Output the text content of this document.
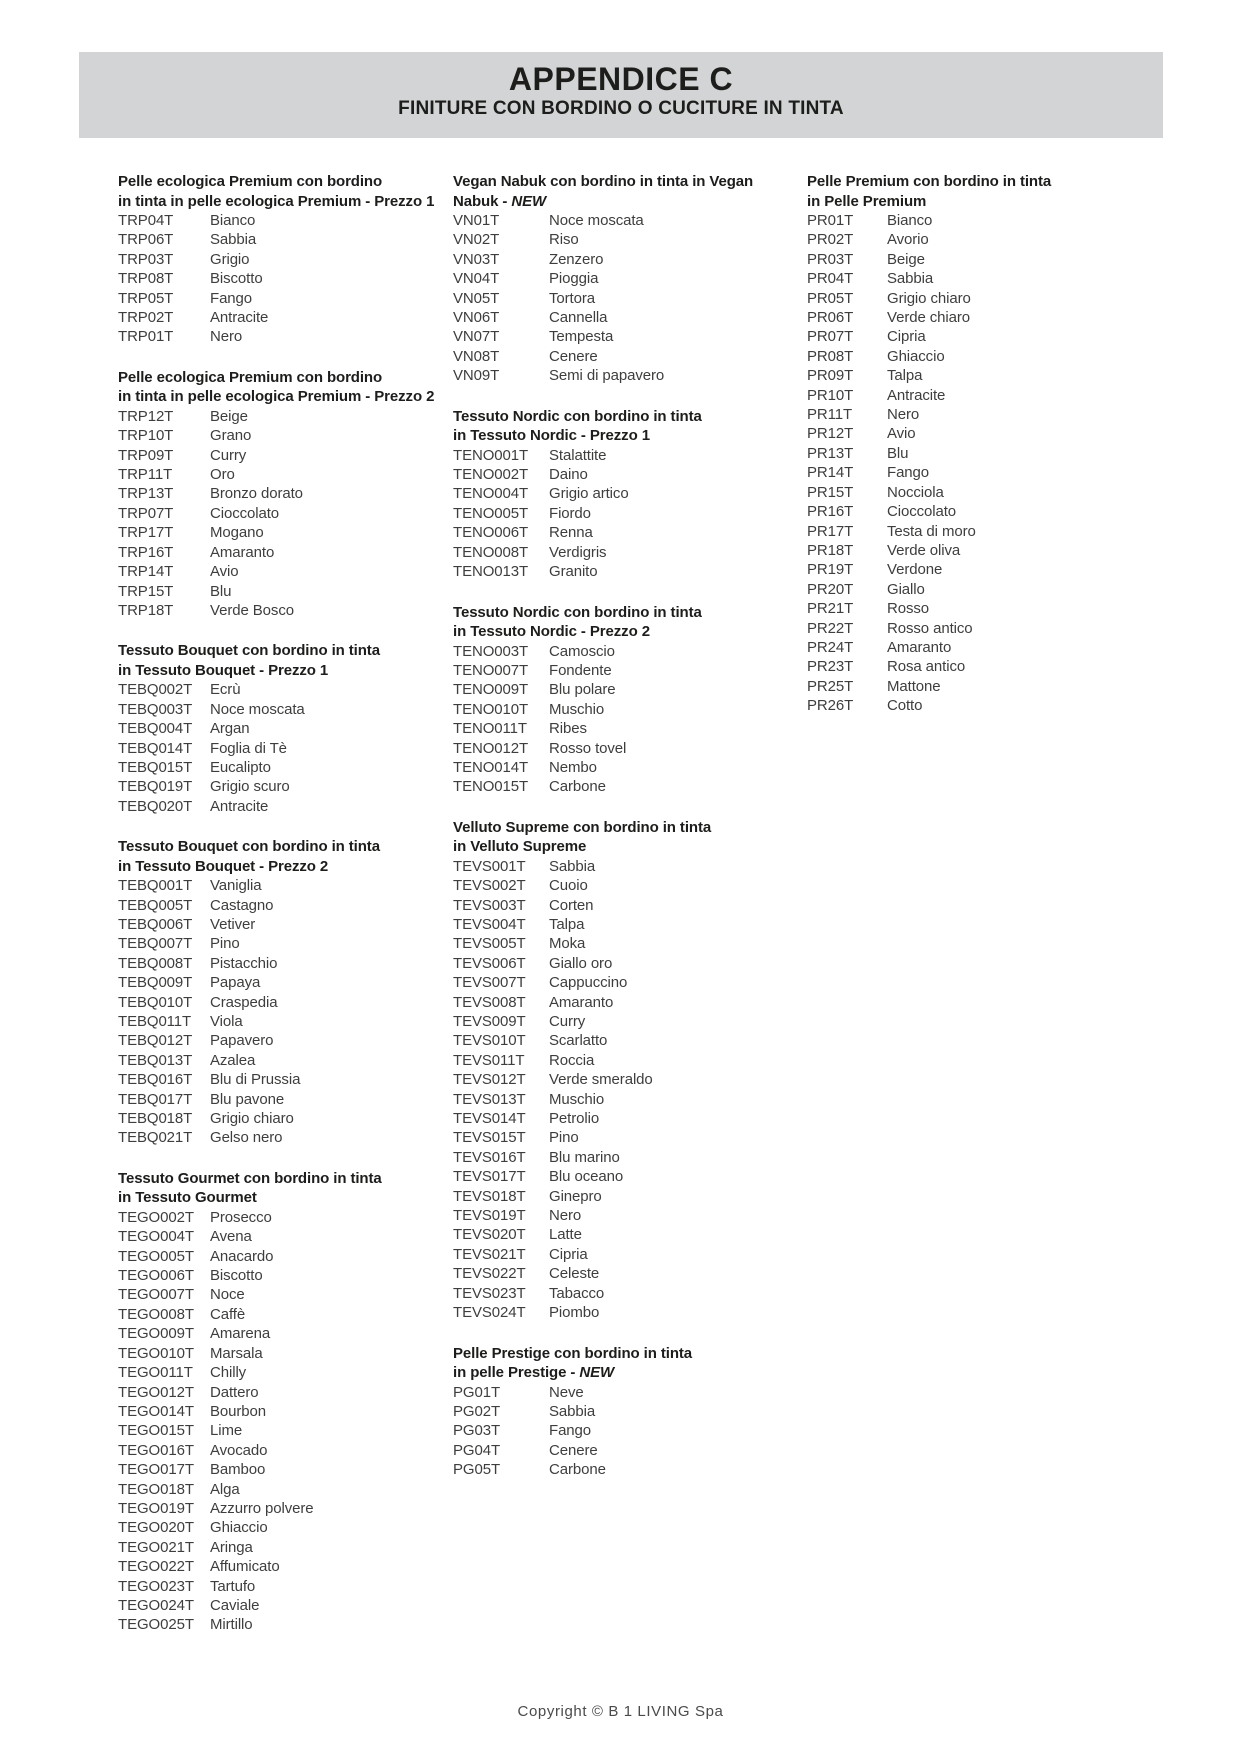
APPENDICE C
FINITURE CON BORDINO O CUCITURE IN TINTA
Pelle ecologica Premium con bordino
in tinta in pelle ecologica Premium - Prezzo 1
TRP04T	Bianco
TRP06T	Sabbia
TRP03T	Grigio
TRP08T	Biscotto
TRP05T	Fango
TRP02T	Antracite
TRP01T	Nero
Pelle ecologica Premium con bordino
in tinta in pelle ecologica Premium - Prezzo 2
TRP12T	Beige
TRP10T	Grano
TRP09T	Curry
TRP11T	Oro
TRP13T	Bronzo dorato
TRP07T	Cioccolato
TRP17T	Mogano
TRP16T	Amaranto
TRP14T	Avio
TRP15T	Blu
TRP18T	Verde Bosco
Tessuto Bouquet con bordino in tinta
in Tessuto Bouquet - Prezzo 1
TEBQ002T	Ecrù
TEBQ003T	Noce moscata
TEBQ004T	Argan
TEBQ014T	Foglia di Tè
TEBQ015T	Eucalipto
TEBQ019T	Grigio scuro
TEBQ020T	Antracite
Tessuto Bouquet con bordino in tinta
in Tessuto Bouquet - Prezzo 2
TEBQ001T	Vaniglia
TEBQ005T	Castagno
TEBQ006T	Vetiver
TEBQ007T	Pino
TEBQ008T	Pistacchio
TEBQ009T	Papaya
TEBQ010T	Craspedia
TEBQ011T	Viola
TEBQ012T	Papavero
TEBQ013T	Azalea
TEBQ016T	Blu di Prussia
TEBQ017T	Blu pavone
TEBQ018T	Grigio chiaro
TEBQ021T	Gelso nero
Tessuto Gourmet con bordino in tinta
in Tessuto Gourmet
TEGO002T	Prosecco
TEGO004T	Avena
TEGO005T	Anacardo
TEGO006T	Biscotto
TEGO007T	Noce
TEGO008T	Caffè
TEGO009T	Amarena
TEGO010T	Marsala
TEGO011T	Chilly
TEGO012T	Dattero
TEGO014T	Bourbon
TEGO015T	Lime
TEGO016T	Avocado
TEGO017T	Bamboo
TEGO018T	Alga
TEGO019T	Azzurro polvere
TEGO020T	Ghiaccio
TEGO021T	Aringa
TEGO022T	Affumicato
TEGO023T	Tartufo
TEGO024T	Caviale
TEGO025T	Mirtillo
Vegan Nabuk con bordino in tinta in Vegan
Nabuk - NEW
VN01T	Noce moscata
VN02T	Riso
VN03T	Zenzero
VN04T	Pioggia
VN05T	Tortora
VN06T	Cannella
VN07T	Tempesta
VN08T	Cenere
VN09T	Semi di papavero
Tessuto Nordic con bordino in tinta
in Tessuto Nordic - Prezzo 1
TENO001T	Stalattite
TENO002T	Daino
TENO004T	Grigio artico
TENO005T	Fiordo
TENO006T	Renna
TENO008T	Verdigris
TENO013T	Granito
Tessuto Nordic con bordino in tinta
in Tessuto Nordic - Prezzo 2
TENO003T	Camoscio
TENO007T	Fondente
TENO009T	Blu polare
TENO010T	Muschio
TENO011T	Ribes
TENO012T	Rosso tovel
TENO014T	Nembo
TENO015T	Carbone
Velluto Supreme con bordino in tinta
in Velluto Supreme
TEVS001T	Sabbia
TEVS002T	Cuoio
TEVS003T	Corten
TEVS004T	Talpa
TEVS005T	Moka
TEVS006T	Giallo oro
TEVS007T	Cappuccino
TEVS008T	Amaranto
TEVS009T	Curry
TEVS010T	Scarlatto
TEVS011T	Roccia
TEVS012T	Verde smeraldo
TEVS013T	Muschio
TEVS014T	Petrolio
TEVS015T	Pino
TEVS016T	Blu marino
TEVS017T	Blu oceano
TEVS018T	Ginepro
TEVS019T	Nero
TEVS020T	Latte
TEVS021T	Cipria
TEVS022T	Celeste
TEVS023T	Tabacco
TEVS024T	Piombo
Pelle Prestige con bordino in tinta
in pelle Prestige - NEW
PG01T	Neve
PG02T	Sabbia
PG03T	Fango
PG04T	Cenere
PG05T	Carbone
Pelle Premium con bordino in tinta
in Pelle Premium
PR01T	Bianco
PR02T	Avorio
PR03T	Beige
PR04T	Sabbia
PR05T	Grigio chiaro
PR06T	Verde chiaro
PR07T	Cipria
PR08T	Ghiaccio
PR09T	Talpa
PR10T	Antracite
PR11T	Nero
PR12T	Avio
PR13T	Blu
PR14T	Fango
PR15T	Nocciola
PR16T	Cioccolato
PR17T	Testa di moro
PR18T	Verde oliva
PR19T	Verdone
PR20T	Giallo
PR21T	Rosso
PR22T	Rosso antico
PR24T	Amaranto
PR23T	Rosa antico
PR25T	Mattone
PR26T	Cotto
Copyright © B 1 LIVING Spa
